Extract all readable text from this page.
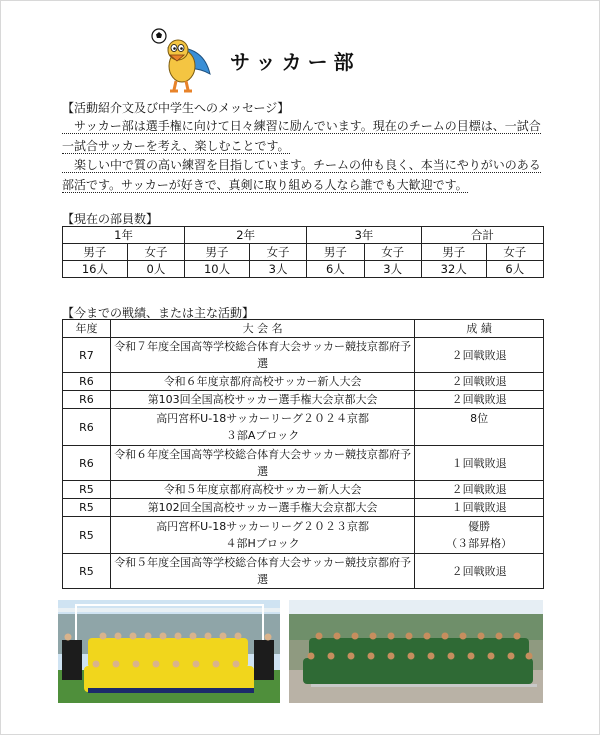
サッカー部
【活動紹介文及び中学生へのメッセージ】

　サッカー部は選手権に向けて日々練習に励んでいます。現在のチームの目標は、一試合

一試合サッカーを考え、楽しむことです。

　楽しい中で質の高い練習を目指しています。チームの仲も良く、本当にやりがいのある

部活です。サッカーが好きで、真剣に取り組める人なら誰でも大歓迎です。

【現在の部員数】
1年		2年		3年		合計	
男子	女子	男子	女子	男子	女子	男子	女子
16人	0人	10人	3人	6人	3人	32人	6人
【今までの戦績、または主な活動】
年度	大 会 名	成 績
R7	令和７年度全国高等学校総合体育大会サッカー競技京都府予選	２回戦敗退
R6	令和６年度京都府高校サッカー新人大会	２回戦敗退
R6	第103回全国高校サッカー選手権大会京都大会	２回戦敗退
R6	高円宮杯U-18サッカーリーグ２０２４京都
３部Aブロック	8位

R6	令和６年度全国高等学校総合体育大会サッカー競技京都府予選	１回戦敗退
R5	令和５年度京都府高校サッカー新人大会	２回戦敗退
R5	第102回全国高校サッカー選手権大会京都大会	１回戦敗退
R5	高円宮杯U-18サッカーリーグ２０２３京都
４部Hブロック	優勝
（３部昇格）

R5	令和５年度全国高等学校総合体育大会サッカー競技京都府予選	２回戦敗退
